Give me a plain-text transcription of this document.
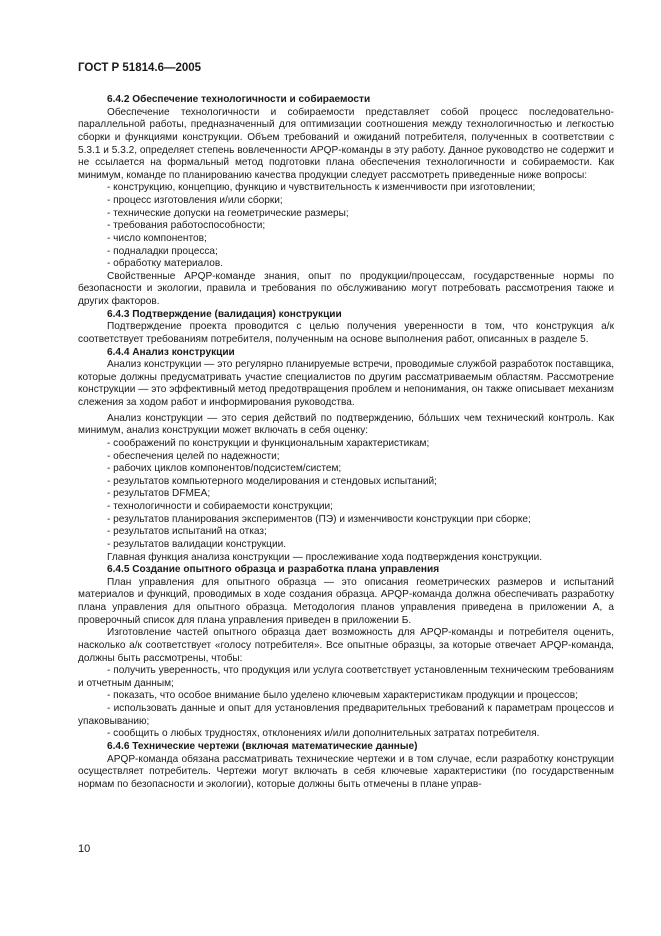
ГОСТ Р 51814.6—2005

6.4.2 Обеспечение технологичности и собираемости

Обеспечение технологичности и собираемости представляет собой процесс последовательно-параллельной работы, предназначенный для оптимизации соотношения между технологичностью и легкостью сборки и функциями конструкции. Объем требований и ожиданий потребителя, полученных в соответствии с 5.3.1 и 5.3.2, определяет степень вовлеченности APQP-команды в эту работу. Данное руководство не содержит и не ссылается на формальный метод подготовки плана обеспечения технологичности и собираемости. Как минимум, команде по планированию качества продукции следует рассмотреть приведенные ниже вопросы:

- конструкцию, концепцию, функцию и чувствительность к изменчивости при изготовлении;

- процесс изготовления и/или сборки;

- технические допуски на геометрические размеры;

- требования работоспособности;

- число компонентов;

- подналадки процесса;

- обработку материалов.

Свойственные APQP-команде знания, опыт по продукции/процессам, государственные нормы по безопасности и экологии, правила и требования по обслуживанию могут потребовать рассмотрения также и других факторов.

6.4.3 Подтверждение (валидация) конструкции

Подтверждение проекта проводится с целью получения уверенности в том, что конструкция а/к соответствует требованиям потребителя, полученным на основе выполнения работ, описанных в разделе 5.

6.4.4 Анализ конструкции

Анализ конструкции — это регулярно планируемые встречи, проводимые службой разработок поставщика, которые должны предусматривать участие специалистов по другим рассматриваемым областям. Рассмотрение конструкции — это эффективный метод предотвращения проблем и непонимания, он также описывает механизм слежения за ходом работ и информирования руководства.

Анализ конструкции — это серия действий по подтверждению, бо́льших чем технический контроль. Как минимум, анализ конструкции может включать в себя оценку:

- соображений по конструкции и функциональным характеристикам;

- обеспечения целей по надежности;

- рабочих циклов компонентов/подсистем/систем;

- результатов компьютерного моделирования и стендовых испытаний;

- результатов DFMEA;

- технологичности и собираемости конструкции;

- результатов планирования экспериментов (ПЭ) и изменчивости конструкции при сборке;

- результатов испытаний на отказ;

- результатов валидации конструкции.

Главная функция анализа конструкции — прослеживание хода подтверждения конструкции.

6.4.5 Создание опытного образца и разработка плана управления

План управления для опытного образца — это описания геометрических размеров и испытаний материалов и функций, проводимых в ходе создания образца. APQP-команда должна обеспечивать разработку плана управления для опытного образца. Методология планов управления приведена в приложении А, а проверочный список для плана управления приведен в приложении Б.

Изготовление частей опытного образца дает возможность для APQP-команды и потребителя оценить, насколько а/к соответствует «голосу потребителя». Все опытные образцы, за которые отвечает APQP-команда, должны быть рассмотрены, чтобы:

- получить уверенность, что продукция или услуга соответствует установленным техническим требованиям и отчетным данным;

- показать, что особое внимание было уделено ключевым характеристикам продукции и процессов;

- использовать данные и опыт для установления предварительных требований к параметрам процессов и упаковыванию;

- сообщить о любых трудностях, отклонениях и/или дополнительных затратах потребителя.

6.4.6 Технические чертежи (включая математические данные)

APQP-команда обязана рассматривать технические чертежи и в том случае, если разработку конструкции осуществляет потребитель. Чертежи могут включать в себя ключевые характеристики (по государственным нормам по безопасности и экологии), которые должны быть отмечены в плане управ-

10
